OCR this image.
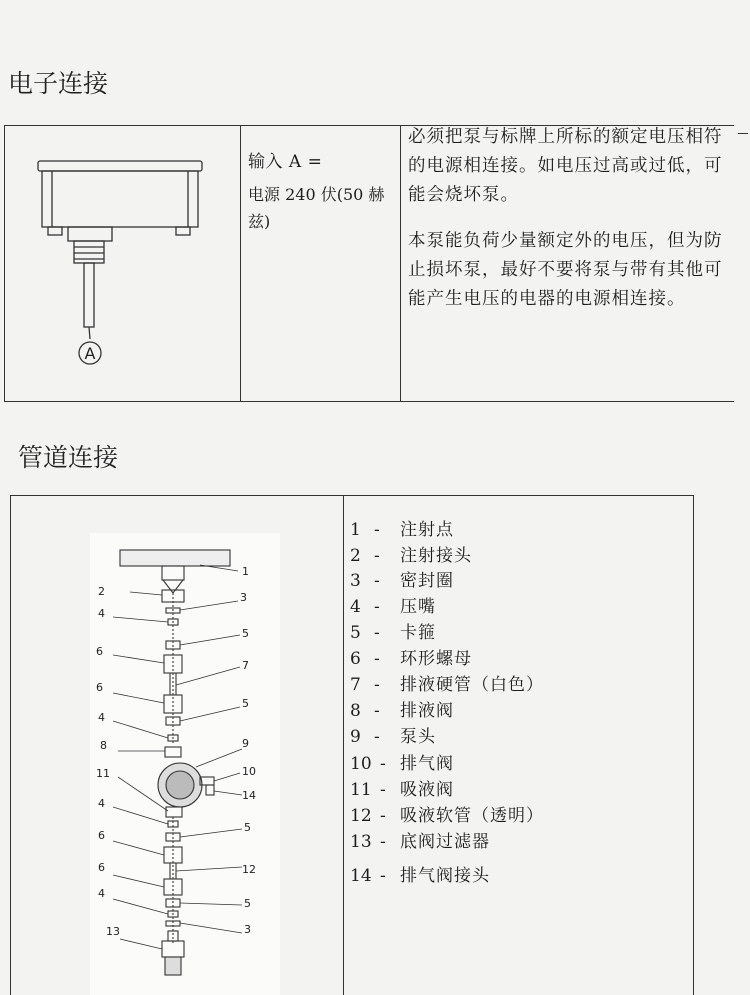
电子连接
A
输入 A =
电源 240 伏(50 赫兹)
必须把泵与标牌上所标的额定电压相符的电源相连接。如电压过高或过低，可能会烧坏泵。
本泵能负荷少量额定外的电压，但为防止损坏泵，最好不要将泵与带有其他可能产生电压的电器的电源相连接。
管道连接
1
2	3
4
5
6
7
6
5
4
8	9
10
11
14
4
5
6
6	12
4
5
3
13
1 - 注射点
2 - 注射接头
3 - 密封圈
4 - 压嘴
5 - 卡箍
6 - 环形螺母
7 - 排液硬管（白色）
8 - 排液阀
9 - 泵头
10 - 排气阀
11 - 吸液阀
12 - 吸液软管（透明）
13 - 底阀过滤器
14 - 排气阀接头
